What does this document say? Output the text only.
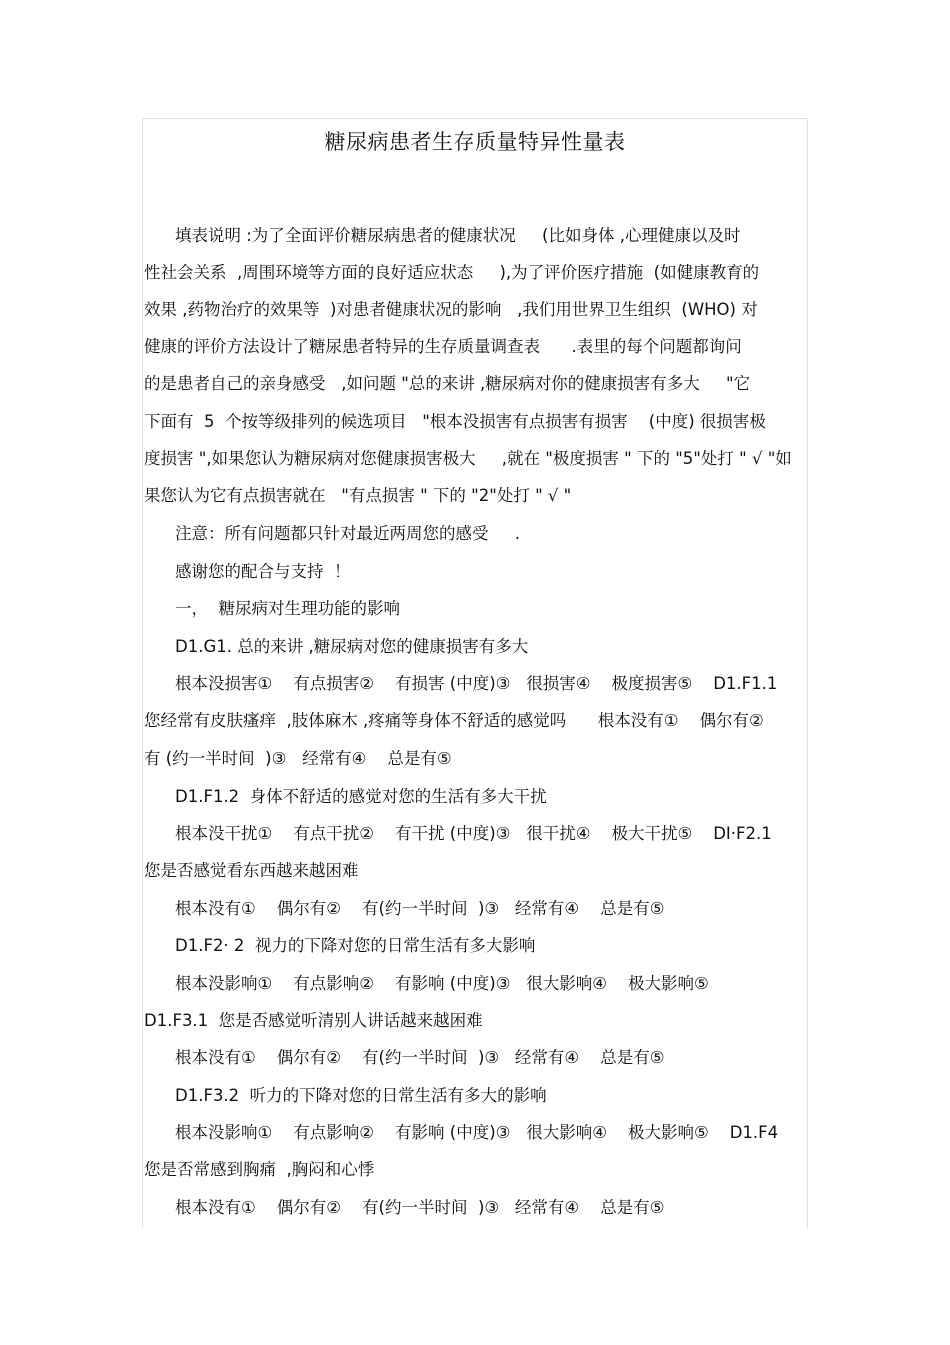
糖尿病患者生存质量特异性量表
填表说明 :为了全面评价糖尿病患者的健康状况     (比如身体 ,心理健康以及时
性社会关系  ,周围环境等方面的良好适应状态     ),为了评价医疗措施  (如健康教育的
效果 ,药物治疗的效果等  )对患者健康状况的影响   ,我们用世界卫生组织  (WHO) 对
健康的评价方法设计了糖尿患者特异的生存质量调查表      .表里的每个问题都询问
的是患者自己的亲身感受   ,如问题 "总的来讲 ,糖尿病对你的健康损害有多大     "它
下面有  5  个按等级排列的候选项目   "根本没损害有点损害有损害    (中度) 很损害极
度损害 ",如果您认为糖尿病对您健康损害极大     ,就在 "极度损害 " 下的 "5"处打 " √ "如
果您认为它有点损害就在   "有点损害 " 下的 "2"处打 " √ "
注意：所有问题都只针对最近两周您的感受     .
感谢您的配合与支持  ！
一，  糖尿病对生理功能的影响
D1.G1. 总的来讲 ,糖尿病对您的健康损害有多大
根本没损害①    有点损害②    有损害 (中度)③   很损害④    极度损害⑤    D1.F1.1
您经常有皮肤瘙痒  ,肢体麻木 ,疼痛等身体不舒适的感觉吗      根本没有①    偶尔有②
有 (约一半时间  )③   经常有④    总是有⑤
D1.F1.2  身体不舒适的感觉对您的生活有多大干扰
根本没干扰①    有点干扰②    有干扰 (中度)③   很干扰④    极大干扰⑤    DI·F2.1
您是否感觉看东西越来越困难
根本没有①    偶尔有②    有(约一半时间  )③   经常有④    总是有⑤
D1.F2· 2  视力的下降对您的日常生活有多大影响
根本没影响①    有点影响②    有影响 (中度)③   很大影响④    极大影响⑤
D1.F3.1  您是否感觉听清别人讲话越来越困难
根本没有①    偶尔有②    有(约一半时间  )③   经常有④    总是有⑤
D1.F3.2  听力的下降对您的日常生活有多大的影响
根本没影响①    有点影响②    有影响 (中度)③   很大影响④    极大影响⑤    D1.F4
您是否常感到胸痛  ,胸闷和心悸
根本没有①    偶尔有②    有(约一半时间  )③   经常有④    总是有⑤
